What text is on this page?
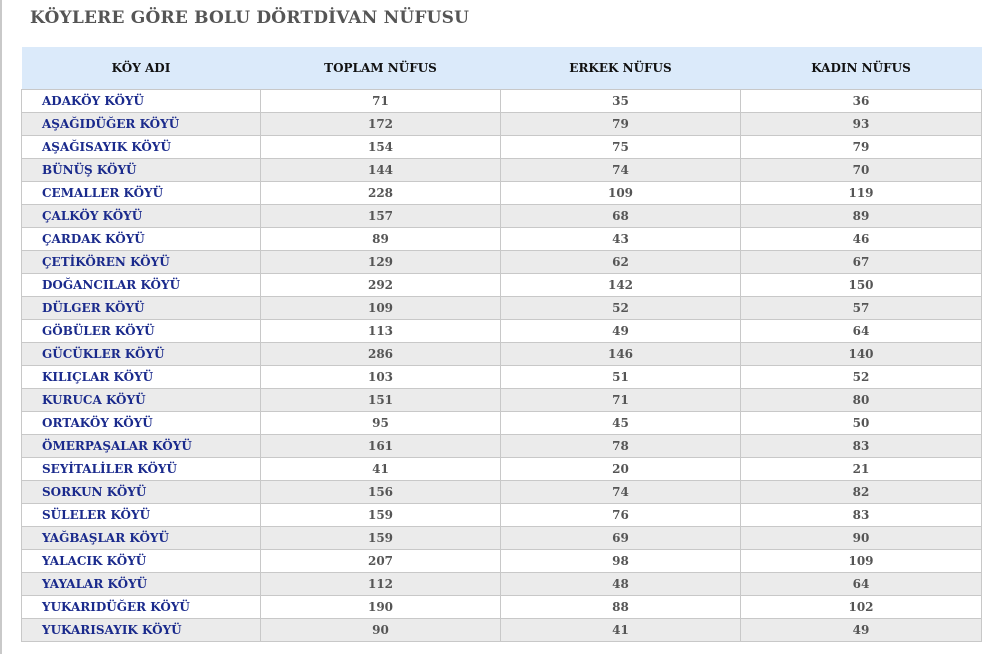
KÖYLERE GÖRE BOLU DÖRTDİVAN NÜFUSU
KÖY ADI	TOPLAM NÜFUS	ERKEK NÜFUS	KADIN NÜFUS
ADAKÖY KÖYÜ	71	35	36
AŞAĞIDÜĞER KÖYÜ	172	79	93
AŞAĞISAYIK KÖYÜ	154	75	79
BÜNÜŞ KÖYÜ	144	74	70
CEMALLER KÖYÜ	228	109	119
ÇALKÖY KÖYÜ	157	68	89
ÇARDAK KÖYÜ	89	43	46
ÇETİKÖREN KÖYÜ	129	62	67
DOĞANCILAR KÖYÜ	292	142	150
DÜLGER KÖYÜ	109	52	57
GÖBÜLER KÖYÜ	113	49	64
GÜCÜKLER KÖYÜ	286	146	140
KILIÇLAR KÖYÜ	103	51	52
KURUCA KÖYÜ	151	71	80
ORTAKÖY KÖYÜ	95	45	50
ÖMERPAŞALAR KÖYÜ	161	78	83
SEYİTALİLER KÖYÜ	41	20	21
SORKUN KÖYÜ	156	74	82
SÜLELER KÖYÜ	159	76	83
YAĞBAŞLAR KÖYÜ	159	69	90
YALACIK KÖYÜ	207	98	109
YAYALAR KÖYÜ	112	48	64
YUKARIDÜĞER KÖYÜ	190	88	102
YUKARISAYIK KÖYÜ	90	41	49
